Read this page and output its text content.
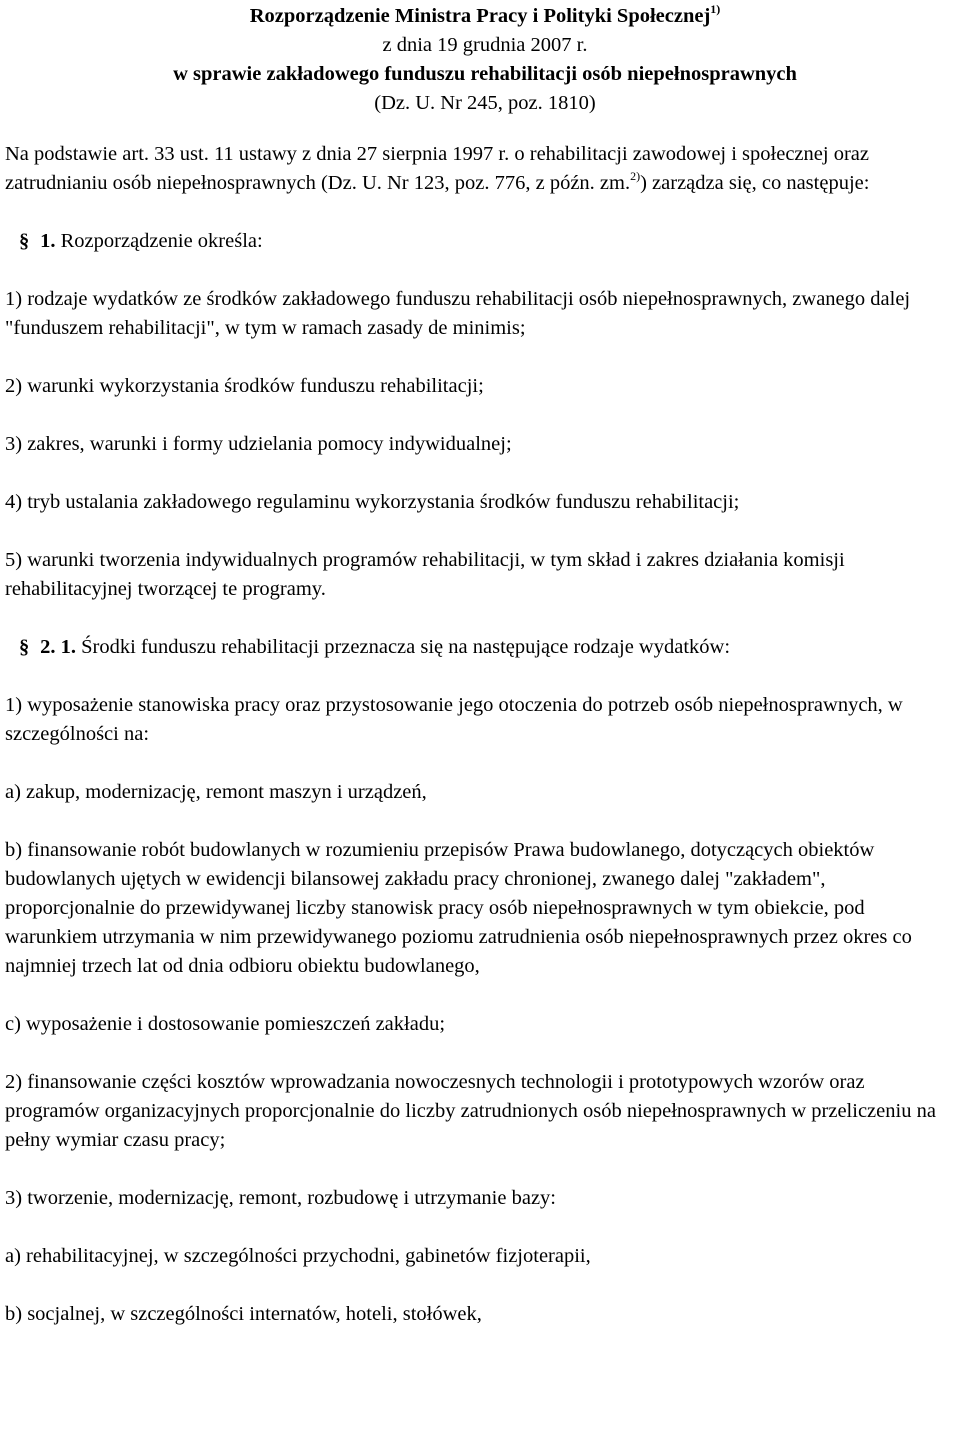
Rozporządzenie Ministra Pracy i Polityki Społecznej$^{1)}$
z dnia 19 grudnia 2007 r.
w sprawie zakładowego funduszu rehabilitacji osób niepełnosprawnych
(Dz. U. Nr 245, poz. 1810)

Na podstawie art. 33 ust. 11 ustawy z dnia 27 sierpnia 1997 r. o rehabilitacji zawodowej i społecznej oraz zatrudnianiu osób niepełnosprawnych (Dz. U. Nr 123, poz. 776, z późn. zm.$^{2)}$) zarządza się, co następuje:

§ 1. Rozporządzenie określa:

1) rodzaje wydatków ze środków zakładowego funduszu rehabilitacji osób niepełnosprawnych, zwanego dalej "funduszem rehabilitacji", w tym w ramach zasady de minimis;

2) warunki wykorzystania środków funduszu rehabilitacji;

3) zakres, warunki i formy udzielania pomocy indywidualnej;

4) tryb ustalania zakładowego regulaminu wykorzystania środków funduszu rehabilitacji;

5) warunki tworzenia indywidualnych programów rehabilitacji, w tym skład i zakres działania komisji rehabilitacyjnej tworzącej te programy.

§ 2. 1. Środki funduszu rehabilitacji przeznacza się na następujące rodzaje wydatków:

1) wyposażenie stanowiska pracy oraz przystosowanie jego otoczenia do potrzeb osób niepełnosprawnych, w szczególności na:

a) zakup, modernizację, remont maszyn i urządzeń,

b) finansowanie robót budowlanych w rozumieniu przepisów Prawa budowlanego, dotyczących obiektów budowlanych ujętych w ewidencji bilansowej zakładu pracy chronionej, zwanego dalej "zakładem", proporcjonalnie do przewidywanej liczby stanowisk pracy osób niepełnosprawnych w tym obiekcie, pod warunkiem utrzymania w nim przewidywanego poziomu zatrudnienia osób niepełnosprawnych przez okres co najmniej trzech lat od dnia odbioru obiektu budowlanego,

c) wyposażenie i dostosowanie pomieszczeń zakładu;

2) finansowanie części kosztów wprowadzania nowoczesnych technologii i prototypowych wzorów oraz programów organizacyjnych proporcjonalnie do liczby zatrudnionych osób niepełnosprawnych w przeliczeniu na pełny wymiar czasu pracy;

3) tworzenie, modernizację, remont, rozbudowę i utrzymanie bazy:

a) rehabilitacyjnej, w szczególności przychodni, gabinetów fizjoterapii,

b) socjalnej, w szczególności internatów, hoteli, stołówek,
